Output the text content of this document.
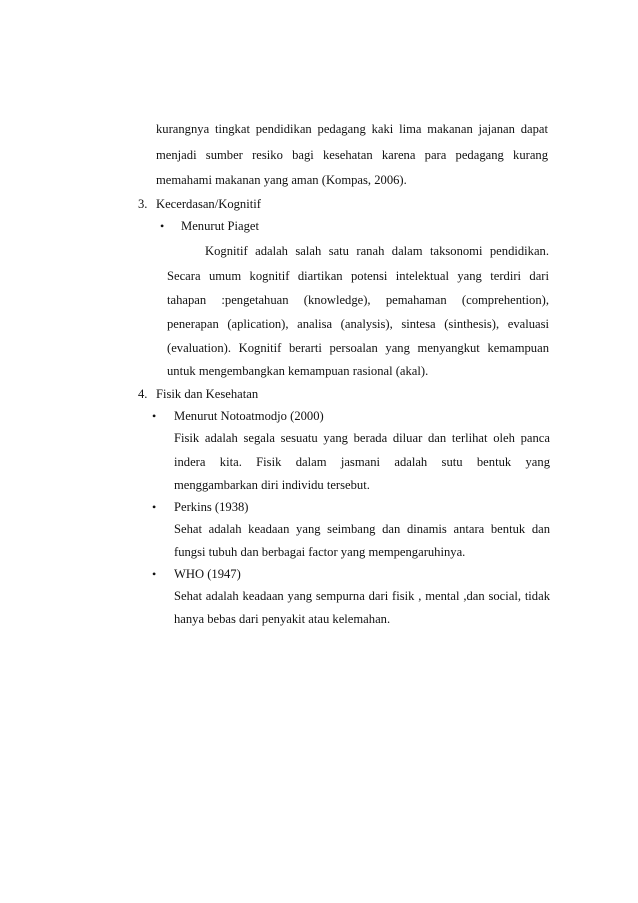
kurangnya tingkat pendidikan pedagang kaki lima makanan jajanan dapat
menjadi sumber resiko bagi kesehatan karena para pedagang kurang
memahami makanan yang aman (Kompas, 2006).
3. Kecerdasan/Kognitif
• Menurut Piaget
Kognitif adalah salah satu ranah dalam taksonomi pendidikan.
Secara umum kognitif diartikan potensi intelektual yang terdiri dari
tahapan :pengetahuan (knowledge), pemahaman (comprehention),
penerapan (aplication), analisa (analysis), sintesa (sinthesis), evaluasi
(evaluation). Kognitif berarti persoalan yang menyangkut kemampuan
untuk mengembangkan kemampuan rasional (akal).
4. Fisik dan Kesehatan
• Menurut Notoatmodjo (2000)
Fisik adalah segala sesuatu yang berada diluar dan terlihat oleh panca
indera kita. Fisik dalam jasmani adalah sutu bentuk yang
menggambarkan diri individu tersebut.
• Perkins (1938)
Sehat adalah keadaan yang seimbang dan dinamis antara bentuk dan
fungsi tubuh dan berbagai factor yang mempengaruhinya.
• WHO (1947)
Sehat adalah keadaan yang sempurna dari fisik , mental ,dan social, tidak
hanya bebas dari penyakit atau kelemahan.
